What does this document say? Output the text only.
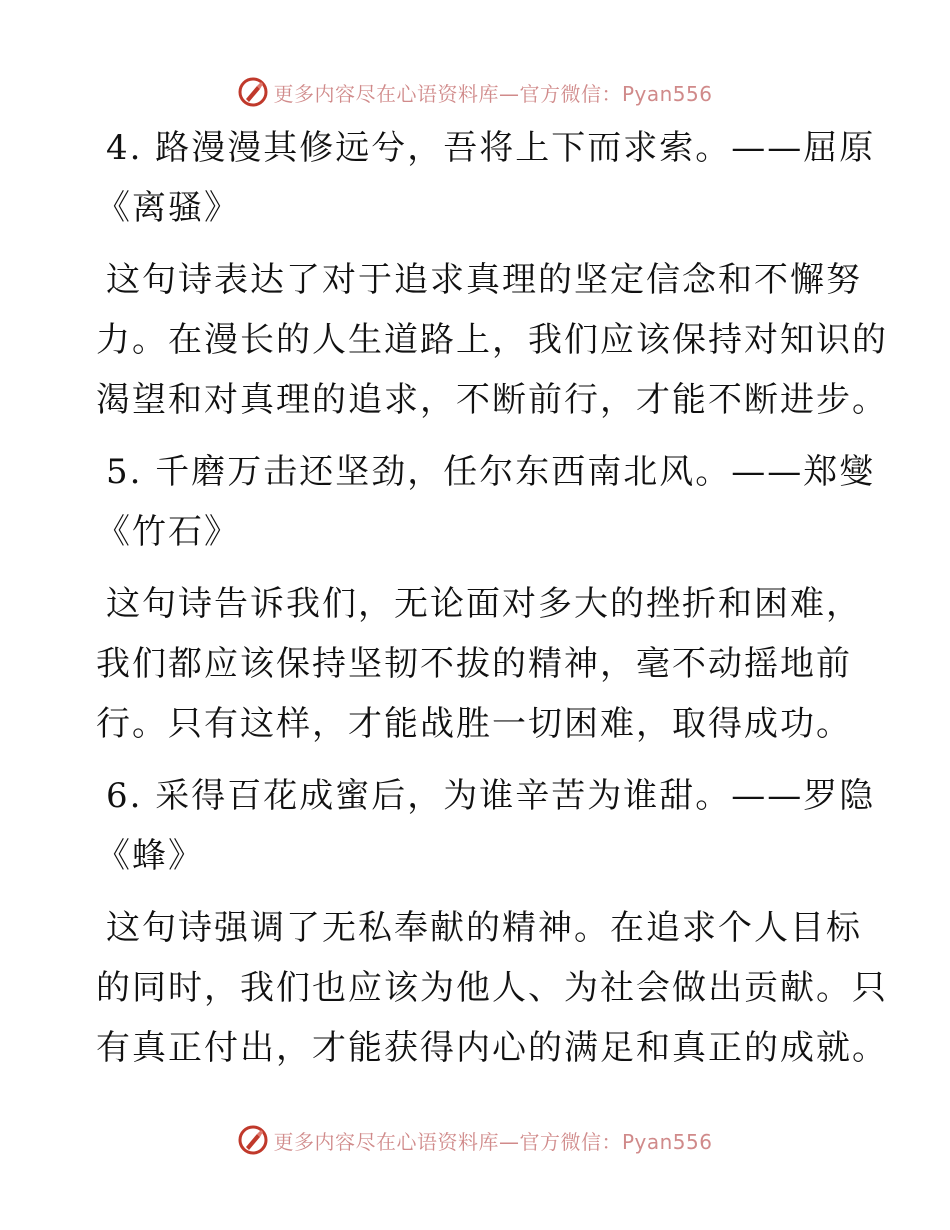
更多内容尽在心语资料库—官方微信：Pyan556
4. 路漫漫其修远兮，吾将上下而求索。——屈原
《离骚》
这句诗表达了对于追求真理的坚定信念和不懈努
力。在漫长的人生道路上，我们应该保持对知识的
渴望和对真理的追求，不断前行，才能不断进步。
5. 千磨万击还坚劲，任尔东西南北风。——郑燮
《竹石》
这句诗告诉我们，无论面对多大的挫折和困难，
我们都应该保持坚韧不拔的精神，毫不动摇地前
行。只有这样，才能战胜一切困难，取得成功。
6. 采得百花成蜜后，为谁辛苦为谁甜。——罗隐
《蜂》
这句诗强调了无私奉献的精神。在追求个人目标
的同时，我们也应该为他人、为社会做出贡献。只
有真正付出，才能获得内心的满足和真正的成就。
更多内容尽在心语资料库—官方微信：Pyan556
